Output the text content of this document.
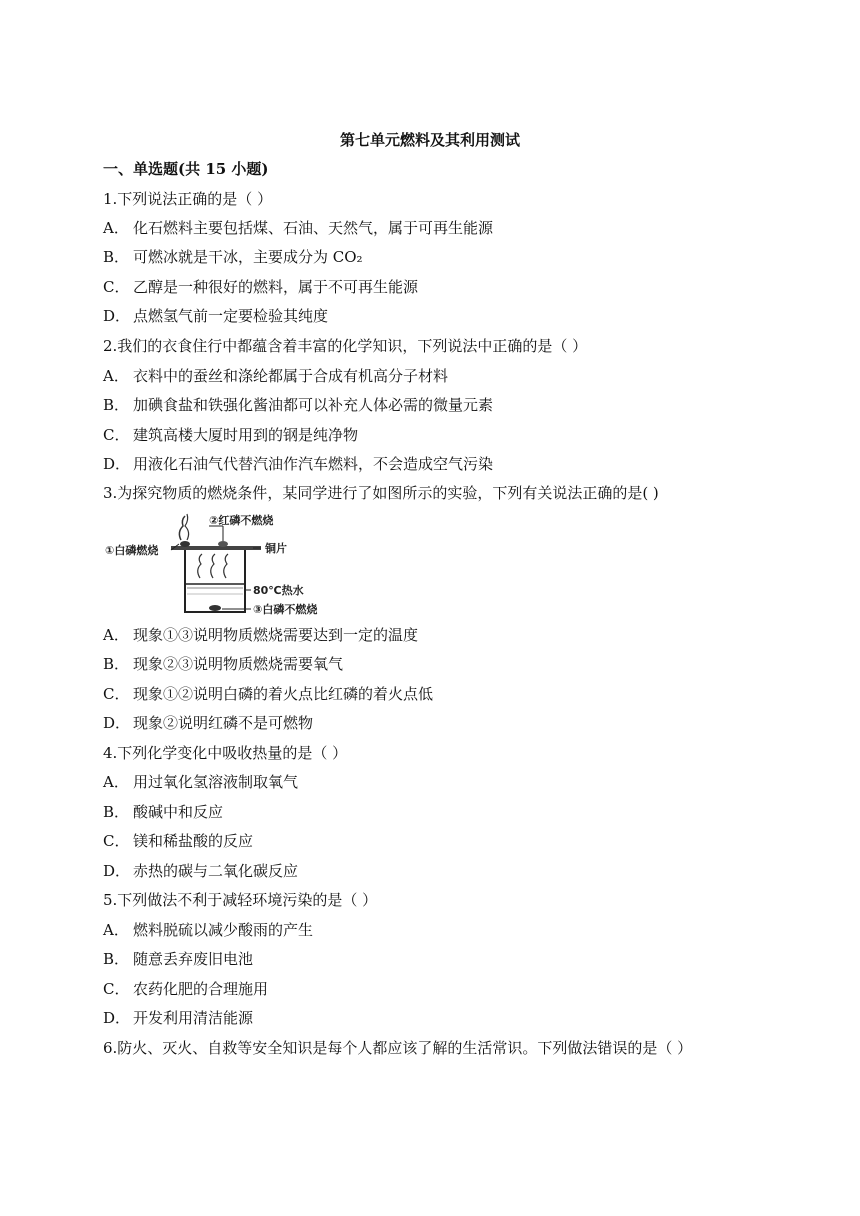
第七单元燃料及其利用测试
一、单选题(共 15 小题)
1.下列说法正确的是（ ）
A． 化石燃料主要包括煤、石油、天然气，属于可再生能源
B． 可燃冰就是干冰，主要成分为 CO₂
C． 乙醇是一种很好的燃料，属于不可再生能源
D． 点燃氢气前一定要检验其纯度
2.我们的衣食住行中都蕴含着丰富的化学知识，下列说法中正确的是（ ）
A． 衣料中的蚕丝和涤纶都属于合成有机高分子材料
B． 加碘食盐和铁强化酱油都可以补充人体必需的微量元素
C． 建筑高楼大厦时用到的钢是纯净物
D． 用液化石油气代替汽油作汽车燃料，不会造成空气污染
3.为探究物质的燃烧条件，某同学进行了如图所示的实验，下列有关说法正确的是( )
①白磷燃烧
②红磷不燃烧
铜片
80℃热水
③白磷不燃烧
A． 现象①③说明物质燃烧需要达到一定的温度
B． 现象②③说明物质燃烧需要氧气
C． 现象①②说明白磷的着火点比红磷的着火点低
D． 现象②说明红磷不是可燃物
4.下列化学变化中吸收热量的是（ ）
A． 用过氧化氢溶液制取氧气
B． 酸碱中和反应
C． 镁和稀盐酸的反应
D． 赤热的碳与二氧化碳反应
5.下列做法不利于减轻环境污染的是（ ）
A． 燃料脱硫以减少酸雨的产生
B． 随意丢弃废旧电池
C． 农药化肥的合理施用
D． 开发利用清洁能源
6.防火、灭火、自救等安全知识是每个人都应该了解的生活常识。下列做法错误的是（ ）
